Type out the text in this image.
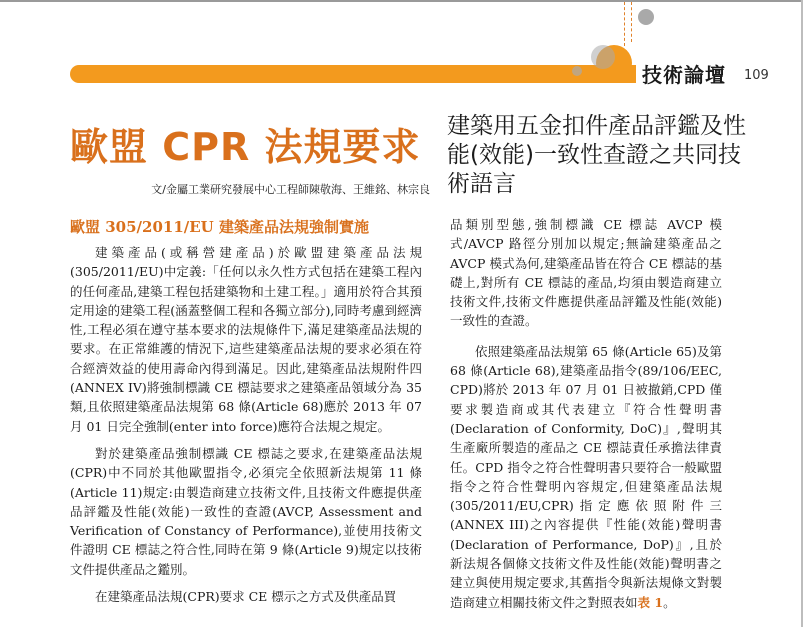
技術論壇	109
歐盟 CPR 法規要求	建築用五金扣件產品評鑑及性能(效能)一致性查證之共同技術語言
文/金屬工業研究發展中心工程師陳敬海、王維銘、林宗良
歐盟 305/2011/EU 建築產品法規強制實施

建築產品(或稱營建產品)於歐盟建築產品法規(305/2011/EU)中定義:「任何以永久性方式包括在建築工程內的任何產品,建築工程包括建築物和土建工程。」適用於符合其預定用途的建築工程(涵蓋整個工程和各獨立部分),同時考慮到經濟性,工程必須在遵守基本要求的法規條件下,滿足建築產品法規的要求。在正常維護的情況下,這些建築產品法規的要求必須在符合經濟效益的使用壽命內得到滿足。因此,建築產品法規附件四(ANNEX IV)將強制標識 CE 標誌要求之建築產品領域分為 35 類,且依照建築產品法規第 68 條(Article 68)應於 2013 年 07 月 01 日完全強制(enter into force)應符合法規之規定。

對於建築產品強制標識 CE 標誌之要求,在建築產品法規(CPR)中不同於其他歐盟指令,必須完全依照新法規第 11 條(Article 11)規定:由製造商建立技術文件,且技術文件應提供產品評鑑及性能(效能)一致性的查證(AVCP, Assessment and Verification of Constancy of Performance),並使用技術文件證明 CE 標誌之符合性,同時在第 9 條(Article 9)規定以技術文件提供產品之鑑別。

在建築產品法規(CPR)要求 CE 標示之方式及供產品買

品類別型態,強制標識 CE 標誌 AVCP 模式/AVCP 路徑分別加以規定;無論建築產品之 AVCP 模式為何,建築產品皆在符合 CE 標誌的基礎上,對所有 CE 標誌的產品,均須由製造商建立技術文件,技術文件應提供產品評鑑及性能(效能)一致性的查證。

依照建築產品法規第 65 條(Article 65)及第 68 條(Article 68),建築產品指令(89/106/EEC, CPD)將於 2013 年 07 月 01 日被撤銷,CPD 僅要求製造商或其代表建立『符合性聲明書(Declaration of Conformity, DoC)』,聲明其生產廠所製造的產品之 CE 標誌責任承擔法律責任。CPD 指令之符合性聲明書只要符合一般歐盟指令之符合性聲明內容規定,但建築產品法規(305/2011/EU,CPR)指定應依照附件三(ANNEX III)之內容提供『性能(效能)聲明書(Declaration of Performance, DoP)』,且於新法規各個條文技術文件及性能(效能)聲明書之建立與使用規定要求,其舊指令與新法規條文對製造商建立相關技術文件之對照表如表 1。
